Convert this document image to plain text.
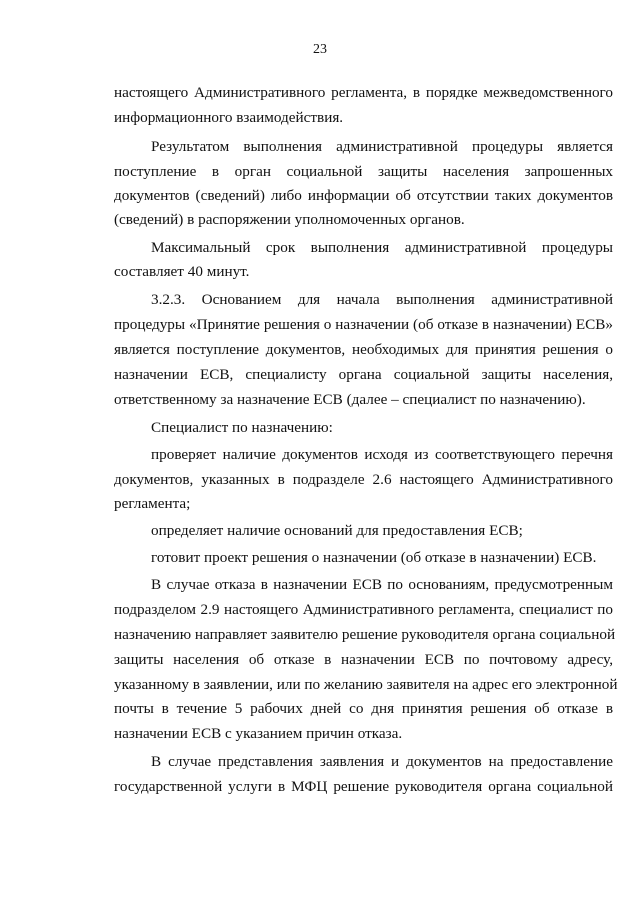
23
настоящего Административного регламента, в порядке межведомственного
информационного взаимодействия.
Результатом выполнения административной процедуры является
поступление в орган социальной защиты населения запрошенных
документов (сведений) либо информации об отсутствии таких документов
(сведений) в распоряжении уполномоченных органов.
Максимальный срок выполнения административной процедуры
составляет 40 минут.
3.2.3. Основанием для начала выполнения административной
процедуры «Принятие решения о назначении (об отказе в назначении) ЕСВ»
является поступление документов, необходимых для принятия решения о
назначении ЕСВ, специалисту органа социальной защиты населения,
ответственному за назначение ЕСВ (далее – специалист по назначению).
Специалист по назначению:
проверяет наличие документов исходя из соответствующего перечня
документов, указанных в подразделе 2.6 настоящего Административного
регламента;
определяет наличие оснований для предоставления ЕСВ;
готовит проект решения о назначении (об отказе в назначении) ЕСВ.
В случае отказа в назначении ЕСВ по основаниям, предусмотренным
подразделом 2.9 настоящего Административного регламента, специалист по
назначению направляет заявителю решение руководителя органа социальной
защиты населения об отказе в назначении ЕСВ по почтовому адресу,
указанному в заявлении, или по желанию заявителя на адрес его электронной
почты в течение 5 рабочих дней со дня принятия решения об отказе в
назначении ЕСВ с указанием причин отказа.
В случае представления заявления и документов на предоставление
государственной услуги в МФЦ решение руководителя органа социальной
